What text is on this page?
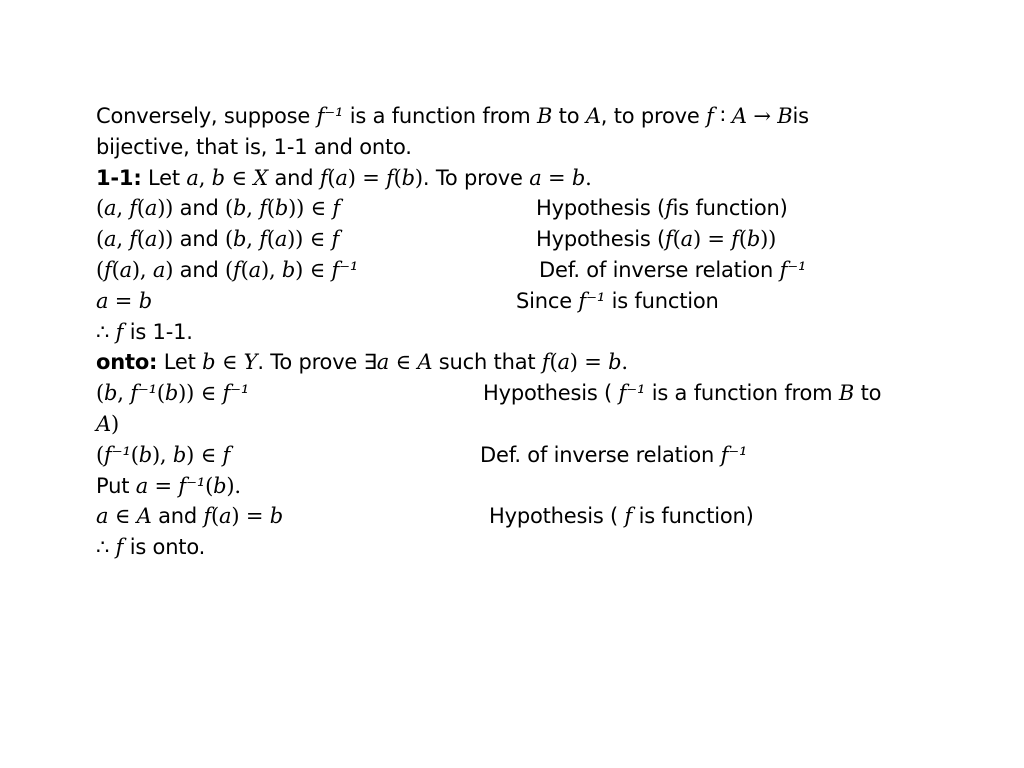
Conversely, suppose f⁻¹ is a function from B to A, to prove f ∶ A → Bis
bijective, that is, 1-1 and onto.
1-1: Let a, b ∈ X and f(a) = f(b). To prove a = b.
(a, f(a)) and (b, f(b)) ∈ f	Hypothesis (fis function)
(a, f(a)) and (b, f(a)) ∈ f	Hypothesis (f(a) = f(b))
(f(a), a) and (f(a), b) ∈ f⁻¹	Def. of inverse relation f⁻¹
a = b	Since f⁻¹ is function
∴ f is 1-1.
onto: Let b ∈ Y. To prove ∃a ∈ A such that f(a) = b.
(b, f⁻¹(b)) ∈ f⁻¹	Hypothesis ( f⁻¹ is a function from B to
A)
(f⁻¹(b), b) ∈ f	Def. of inverse relation f⁻¹
Put a = f⁻¹(b).
a ∈ A and f(a) = b	Hypothesis ( f is function)
∴ f is onto.
